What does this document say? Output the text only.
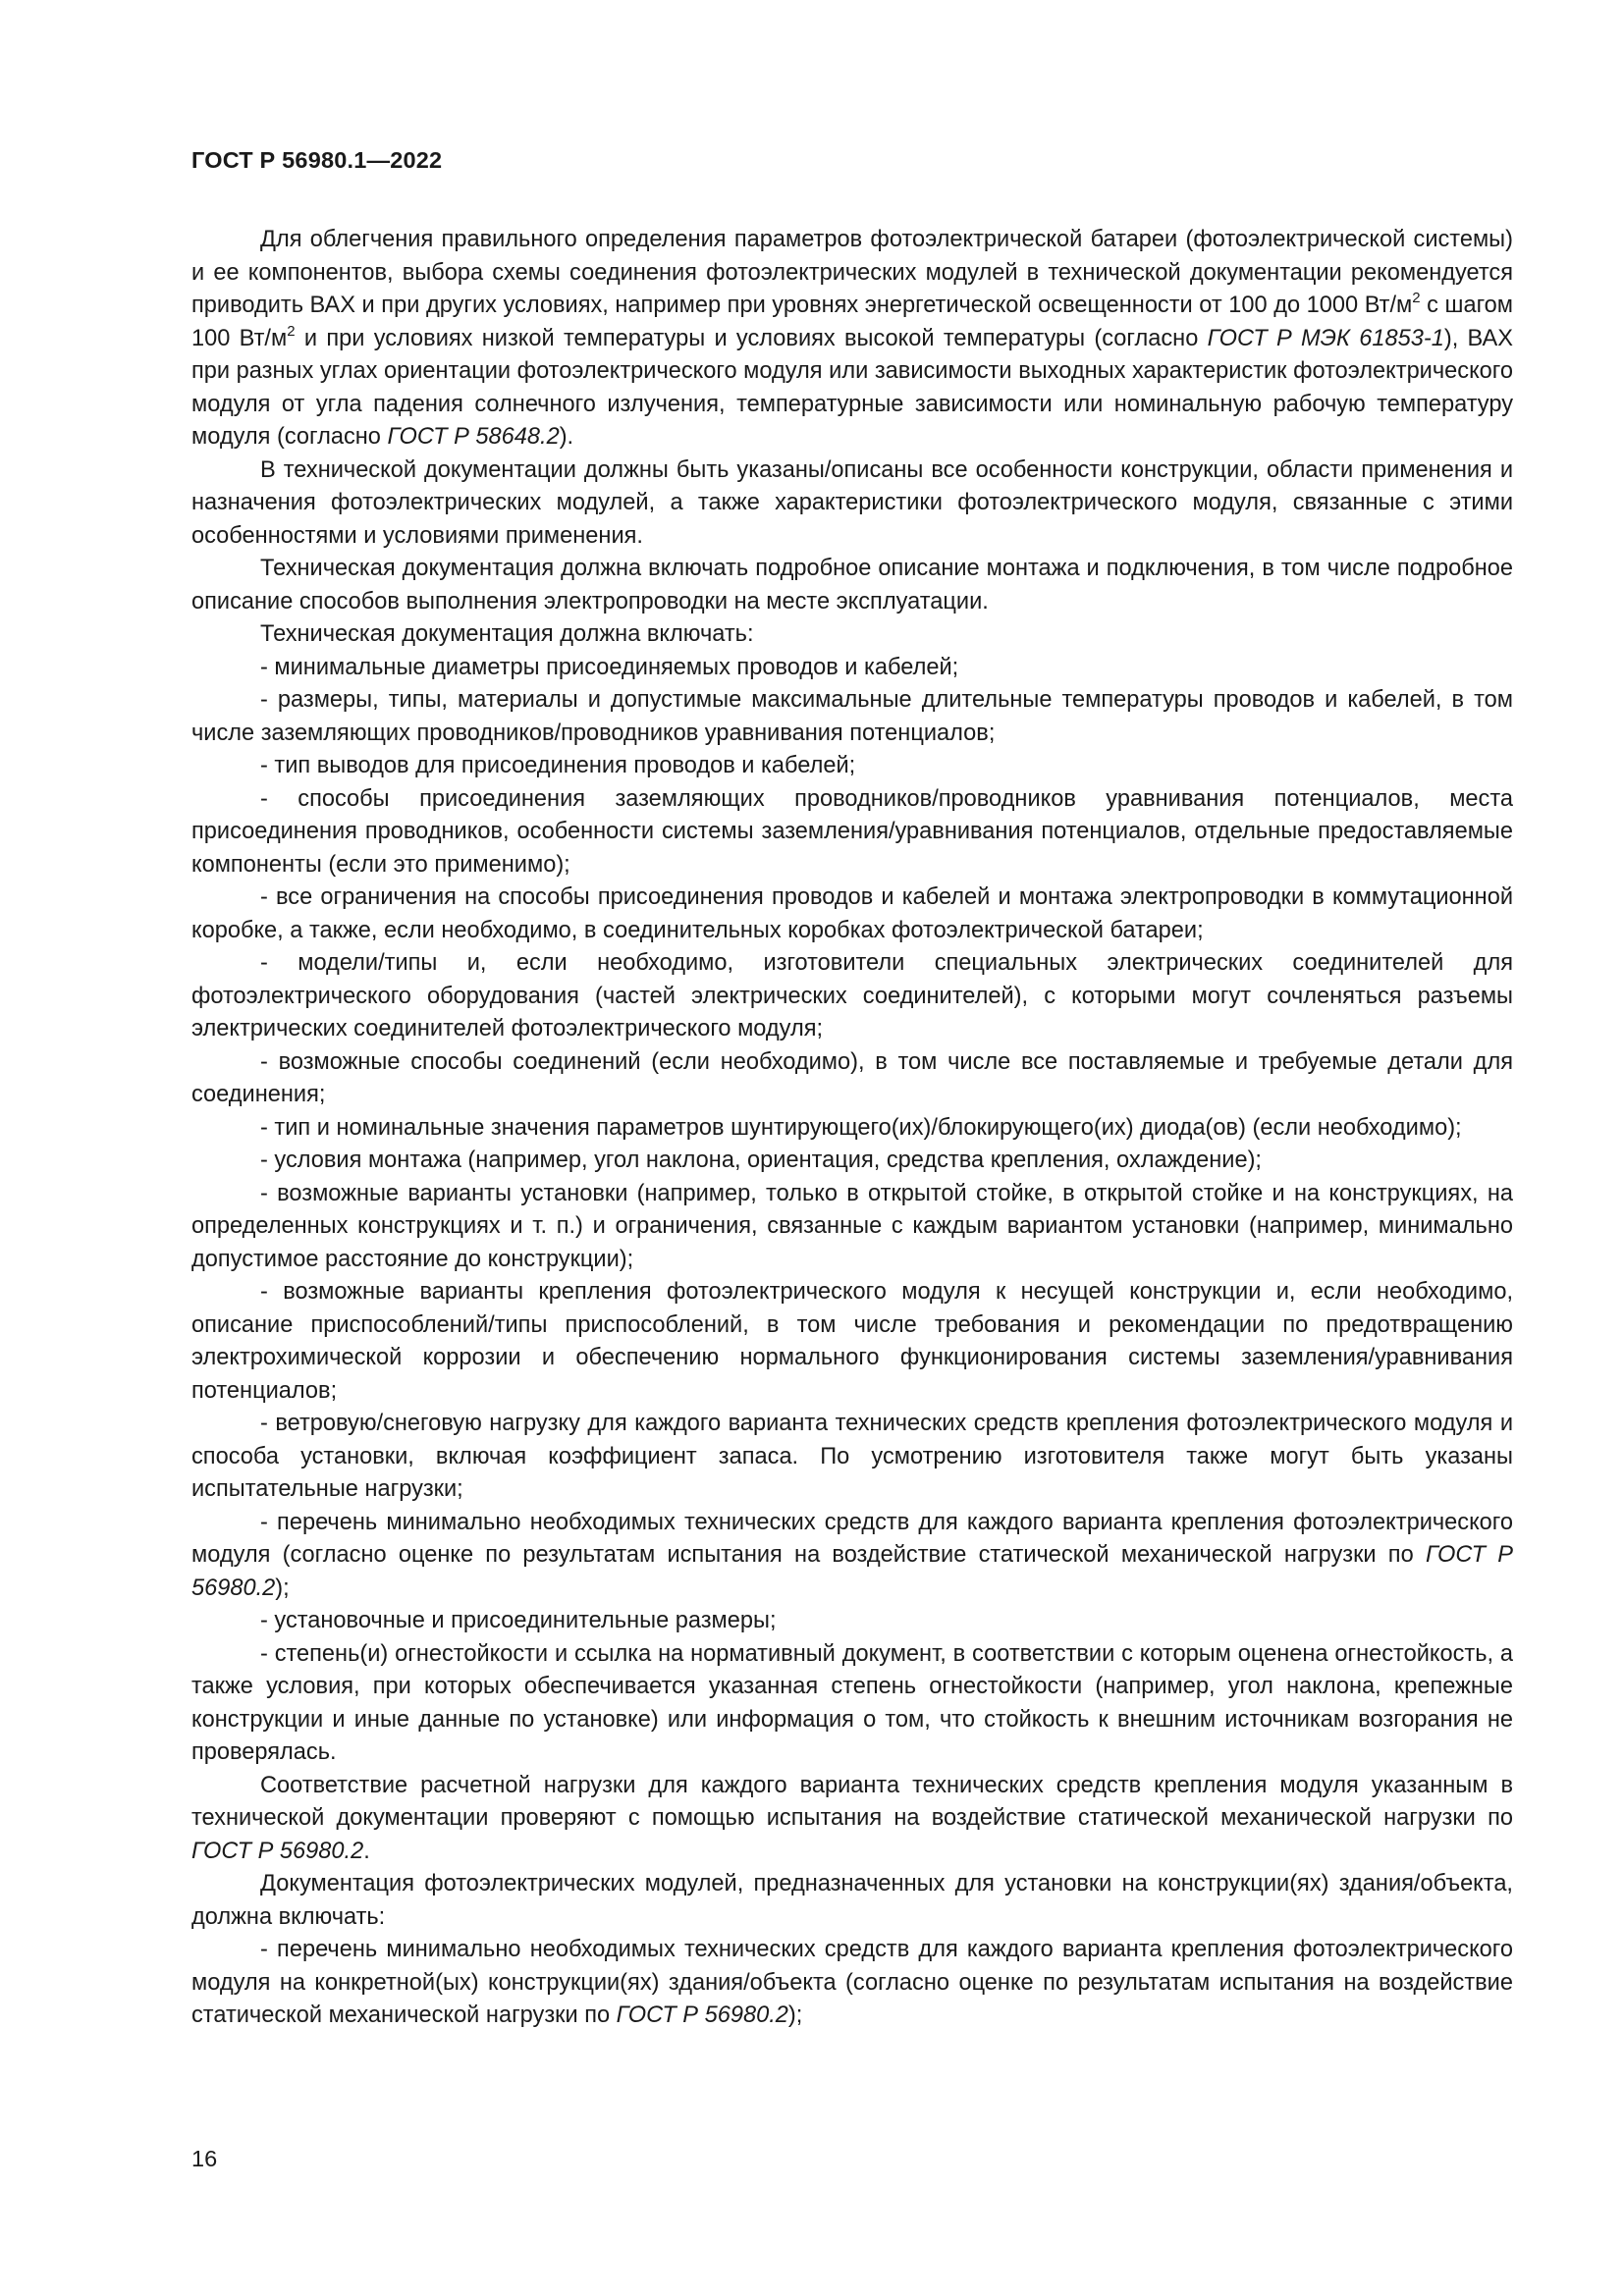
ГОСТ Р 56980.1—2022

Для облегчения правильного определения параметров фотоэлектрической батареи (фотоэлектрической системы) и ее компонентов, выбора схемы соединения фотоэлектрических модулей в технической документации рекомендуется приводить ВАХ и при других условиях, например при уровнях энергетической освещенности от 100 до 1000 $Вт/м^2$ с шагом 100 $Вт/м^2$ и при условиях низкой температуры и условиях высокой температуры (согласно ГОСТ Р МЭК 61853-1), ВАХ при разных углах ориентации фотоэлектрического модуля или зависимости выходных характеристик фотоэлектрического модуля от угла падения солнечного излучения, температурные зависимости или номинальную рабочую температуру модуля (согласно ГОСТ Р 58648.2).

В технической документации должны быть указаны/описаны все особенности конструкции, области применения и назначения фотоэлектрических модулей, а также характеристики фотоэлектрического модуля, связанные с этими особенностями и условиями применения.

Техническая документация должна включать подробное описание монтажа и подключения, в том числе подробное описание способов выполнения электропроводки на месте эксплуатации.

Техническая документация должна включать:

- минимальные диаметры присоединяемых проводов и кабелей;

- размеры, типы, материалы и допустимые максимальные длительные температуры проводов и кабелей, в том числе заземляющих проводников/проводников уравнивания потенциалов;

- тип выводов для присоединения проводов и кабелей;

- способы присоединения заземляющих проводников/проводников уравнивания потенциалов, места присоединения проводников, особенности системы заземления/уравнивания потенциалов, отдельные предоставляемые компоненты (если это применимо);

- все ограничения на способы присоединения проводов и кабелей и монтажа электропроводки в коммутационной коробке, а также, если необходимо, в соединительных коробках фотоэлектрической батареи;

- модели/типы и, если необходимо, изготовители специальных электрических соединителей для фотоэлектрического оборудования (частей электрических соединителей), с которыми могут сочленяться разъемы электрических соединителей фотоэлектрического модуля;

- возможные способы соединений (если необходимо), в том числе все поставляемые и требуемые детали для соединения;

- тип и номинальные значения параметров шунтирующего(их)/блокирующего(их) диода(ов) (если необходимо);

- условия монтажа (например, угол наклона, ориентация, средства крепления, охлаждение);

- возможные варианты установки (например, только в открытой стойке, в открытой стойке и на конструкциях, на определенных конструкциях и т. п.) и ограничения, связанные с каждым вариантом установки (например, минимально допустимое расстояние до конструкции);

- возможные варианты крепления фотоэлектрического модуля к несущей конструкции и, если необходимо, описание приспособлений/типы приспособлений, в том числе требования и рекомендации по предотвращению электрохимической коррозии и обеспечению нормального функционирования системы заземления/уравнивания потенциалов;

- ветровую/снеговую нагрузку для каждого варианта технических средств крепления фотоэлектрического модуля и способа установки, включая коэффициент запаса. По усмотрению изготовителя также могут быть указаны испытательные нагрузки;

- перечень минимально необходимых технических средств для каждого варианта крепления фотоэлектрического модуля (согласно оценке по результатам испытания на воздействие статической механической нагрузки по ГОСТ Р 56980.2);

- установочные и присоединительные размеры;

- степень(и) огнестойкости и ссылка на нормативный документ, в соответствии с которым оценена огнестойкость, а также условия, при которых обеспечивается указанная степень огнестойкости (например, угол наклона, крепежные конструкции и иные данные по установке) или информация о том, что стойкость к внешним источникам возгорания не проверялась.

Соответствие расчетной нагрузки для каждого варианта технических средств крепления модуля указанным в технической документации проверяют с помощью испытания на воздействие статической механической нагрузки по ГОСТ Р 56980.2.

Документация фотоэлектрических модулей, предназначенных для установки на конструкции(ях) здания/объекта, должна включать:

- перечень минимально необходимых технических средств для каждого варианта крепления фотоэлектрического модуля на конкретной(ых) конструкции(ях) здания/объекта (согласно оценке по результатам испытания на воздействие статической механической нагрузки по ГОСТ Р 56980.2);

16
